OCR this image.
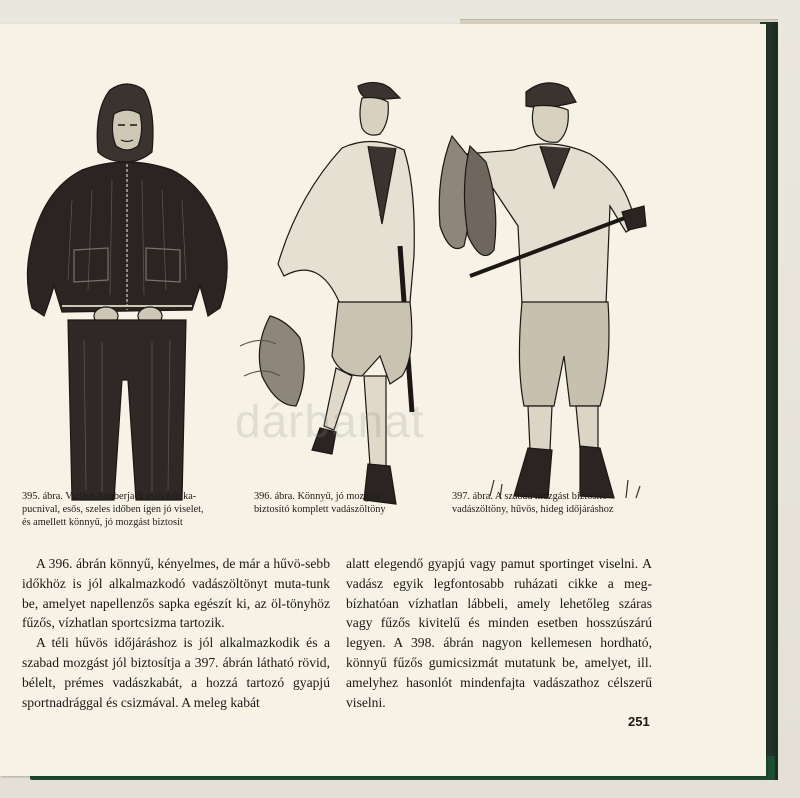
dárbanat
395. ábra. Vadász-lumberjack esővédő ka-
pucnival, esős, szeles időben igen jó viselet,
és amellett könnyű, jó mozgást biztosít
396. ábra. Könnyű, jó mozgást
biztosító komplett vadászöltöny
397. ábra. A szabad mozgást biztosító
vadászöltöny, hűvös, hideg időjáráshoz

A 396. ábrán könnyű, kényelmes, de már a hűvö-sebb időkhöz is jól alkalmazkodó vadászöltönyt muta-tunk be, amelyet napellenzős sapka egészít ki, az öl-tönyhöz fűzős, vízhatlan sportcsizma tartozik.

A téli hűvös időjáráshoz is jól alkalmazkodik és a szabad mozgást jól biztosítja a 397. ábrán látható rövid, bélelt, prémes vadászkabát, a hozzá tartozó gyapjú sportnadrággal és csizmával. A meleg kabát

alatt elegendő gyapjú vagy pamut sportinget viselni. A vadász egyik legfontosabb ruházati cikke a meg-bízhatóan vízhatlan lábbeli, amely lehetőleg száras vagy fűzős kivitelű és minden esetben hosszúszárú legyen. A 398. ábrán nagyon kellemesen hordható, könnyű fűzős gumicsizmát mutatunk be, amelyet, ill. amelyhez hasonlót mindenfajta vadászathoz célszerű viselni.

251
